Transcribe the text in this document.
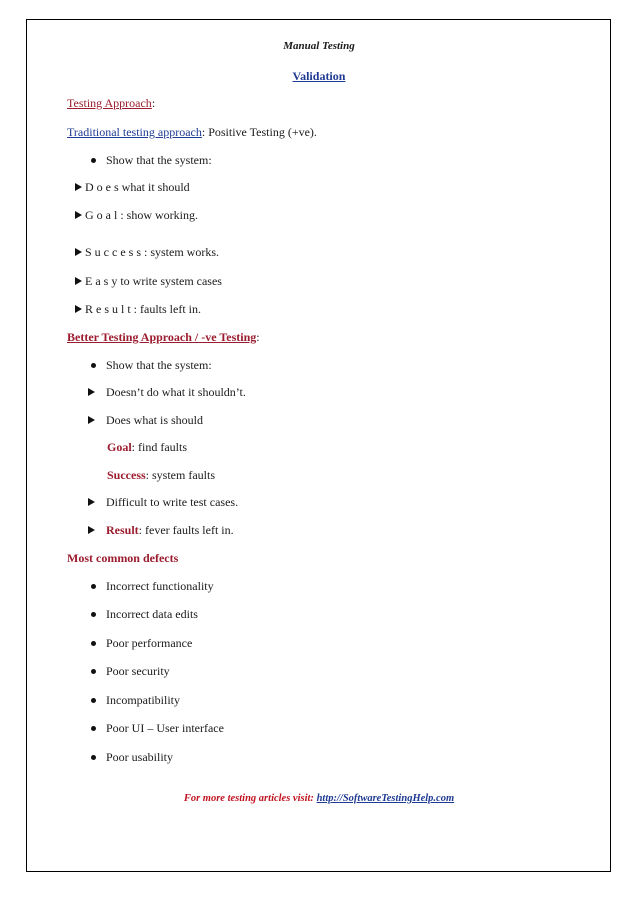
Manual Testing
Validation
Testing Approach:
Traditional testing approach: Positive Testing (+ve).
Show that the system:
D o e s what it should
G o a l : show working.
S u c c e s s : system works.
E a s y to write system cases
R e s u l t : faults left in.
Better Testing Approach / -ve Testing:
Show that the system:
Doesn’t do what it shouldn’t.
Does what is should
Goal: find faults
Success: system faults
Difficult to write test cases.
Result: fever faults left in.
Most common defects
Incorrect functionality
Incorrect data edits
Poor performance
Poor security
Incompatibility
Poor UI – User interface
Poor usability
For more testing articles visit: http://SoftwareTestingHelp.com
